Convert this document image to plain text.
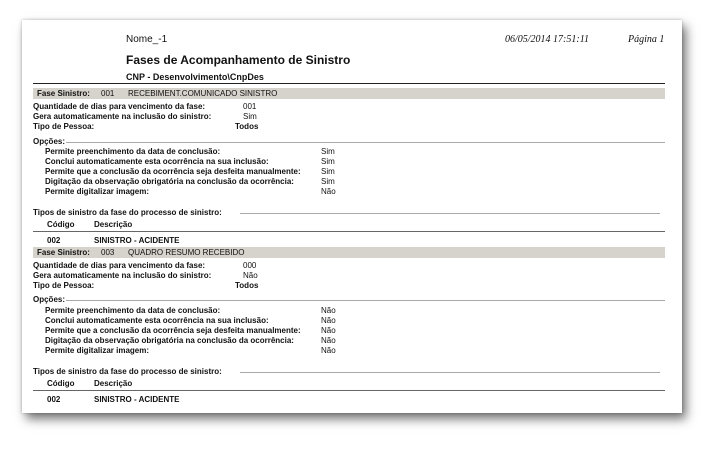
Nome_-1	06/05/2014 17:51:11	Página 1
Fases de Acompanhamento de Sinistro
CNP - Desenvolvimento\CnpDes
Fase Sinistro: 001 RECEBIMENT.COMUNICADO SINISTRO
Quantidade de dias para vencimento da fase:	001
Gera automaticamente na inclusão do sinistro:	Sim
Tipo de Pessoa:	Todos
Opções:
Permite preenchimento da data de conclusão:	Sim
Conclui automaticamente esta ocorrência na sua inclusão:	Sim
Permite que a conclusão da ocorrência seja desfeita manualmente:	Sim
Digitação da observação obrigatória na conclusão da ocorrência:	Sim
Permite digitalizar imagem:	Não
Tipos de sinistro da fase do processo de sinistro:
Código Descrição
002	SINISTRO - ACIDENTE
Fase Sinistro: 003 QUADRO RESUMO RECEBIDO
Quantidade de dias para vencimento da fase:	000
Gera automaticamente na inclusão do sinistro:	Não
Tipo de Pessoa:	Todos
Opções:
Permite preenchimento da data de conclusão:	Não
Conclui automaticamente esta ocorrência na sua inclusão:	Não
Permite que a conclusão da ocorrência seja desfeita manualmente:	Não
Digitação da observação obrigatória na conclusão da ocorrência:	Não
Permite digitalizar imagem:	Não
Tipos de sinistro da fase do processo de sinistro:
Código Descrição
002	SINISTRO - ACIDENTE
